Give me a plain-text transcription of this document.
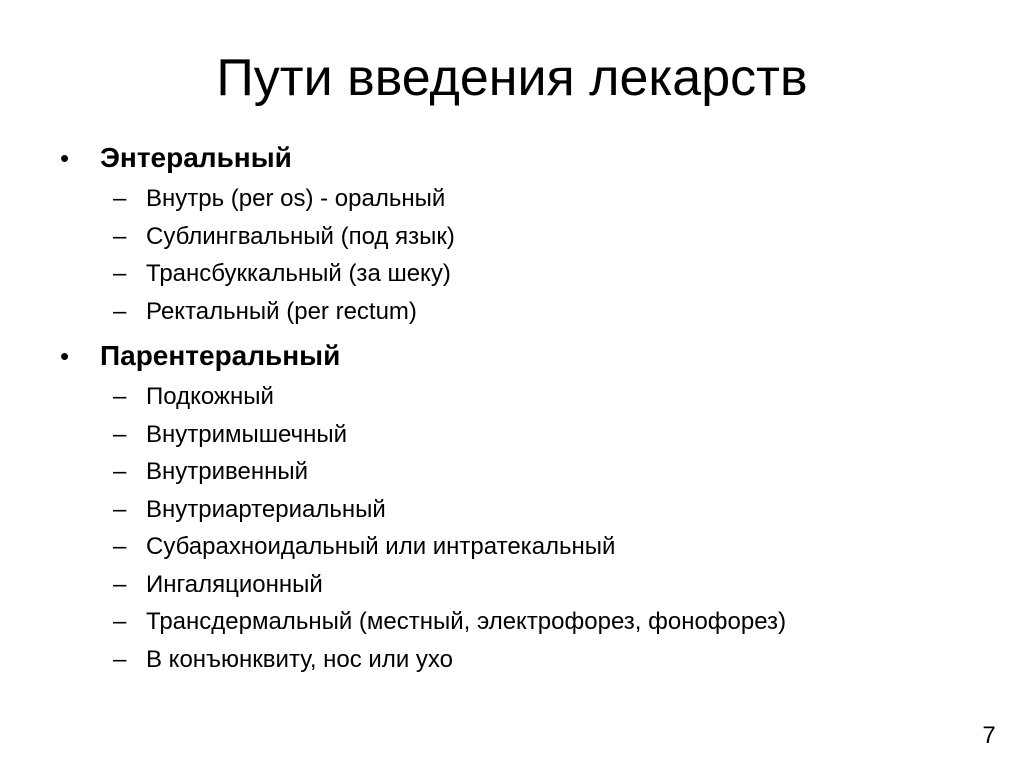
Пути введения лекарств
• Энтеральный
– Внутрь (per os) - оральный
– Сублингвальный (под язык)
– Трансбуккальный (за шеку)
– Ректальный (per rectum)
• Парентеральный
– Подкожный
– Внутримышечный
– Внутривенный
– Внутриартериальный
– Субарахноидальный или интратекальный
– Ингаляционный
– Трансдермальный (местный, электрофорез, фонофорез)
– В конъюнквиту, нос или ухо
7
